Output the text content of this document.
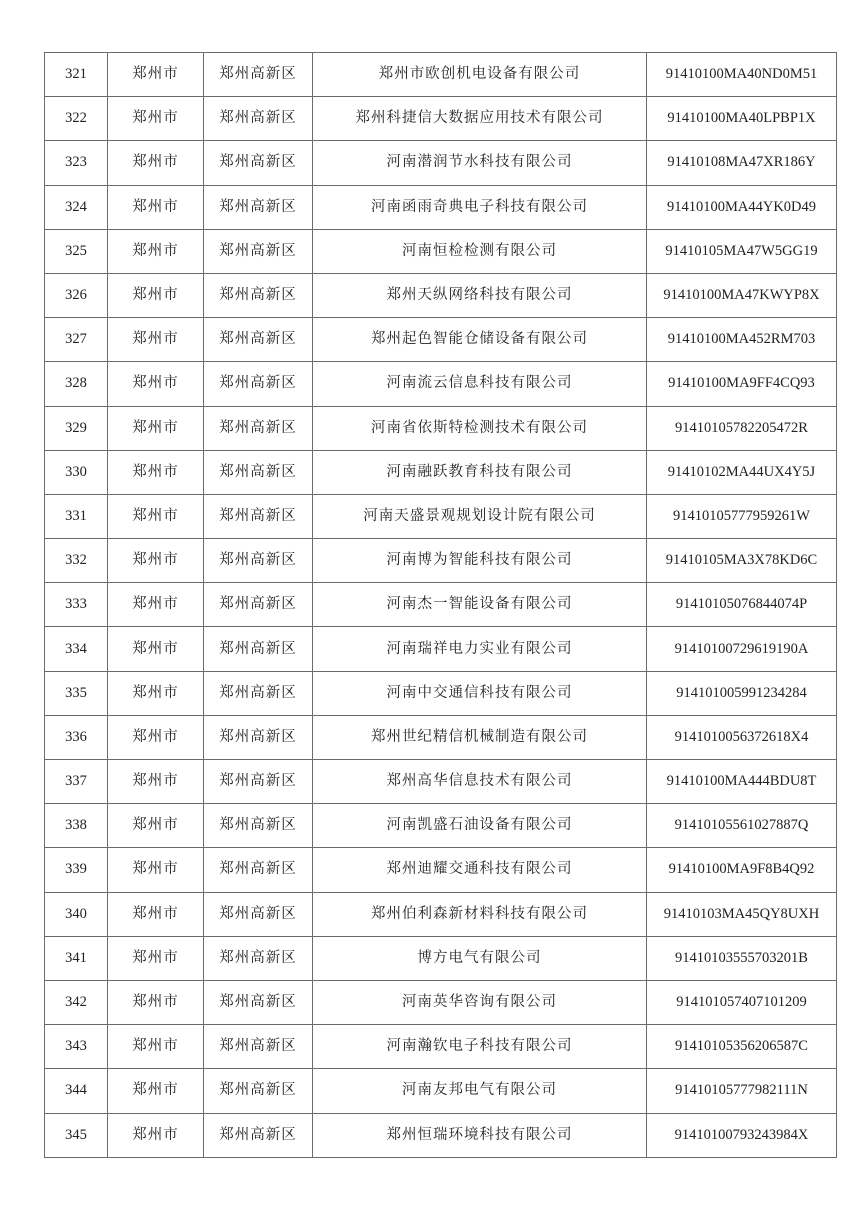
321	郑州市	郑州高新区	郑州市欧创机电设备有限公司	91410100MA40ND0M51
322	郑州市	郑州高新区	郑州科捷信大数据应用技术有限公司	91410100MA40LPBP1X
323	郑州市	郑州高新区	河南潜润节水科技有限公司	91410108MA47XR186Y
324	郑州市	郑州高新区	河南函雨奇典电子科技有限公司	91410100MA44YK0D49
325	郑州市	郑州高新区	河南恒检检测有限公司	91410105MA47W5GG19
326	郑州市	郑州高新区	郑州天纵网络科技有限公司	91410100MA47KWYP8X
327	郑州市	郑州高新区	郑州起色智能仓储设备有限公司	91410100MA452RM703
328	郑州市	郑州高新区	河南流云信息科技有限公司	91410100MA9FF4CQ93
329	郑州市	郑州高新区	河南省依斯特检测技术有限公司	91410105782205472R
330	郑州市	郑州高新区	河南融跃教育科技有限公司	91410102MA44UX4Y5J
331	郑州市	郑州高新区	河南天盛景观规划设计院有限公司	91410105777959261W
332	郑州市	郑州高新区	河南博为智能科技有限公司	91410105MA3X78KD6C
333	郑州市	郑州高新区	河南杰一智能设备有限公司	91410105076844074P
334	郑州市	郑州高新区	河南瑞祥电力实业有限公司	91410100729619190A
335	郑州市	郑州高新区	河南中交通信科技有限公司	914101005991234284
336	郑州市	郑州高新区	郑州世纪精信机械制造有限公司	9141010056372618X4
337	郑州市	郑州高新区	郑州高华信息技术有限公司	91410100MA444BDU8T
338	郑州市	郑州高新区	河南凯盛石油设备有限公司	91410105561027887Q
339	郑州市	郑州高新区	郑州迪耀交通科技有限公司	91410100MA9F8B4Q92
340	郑州市	郑州高新区	郑州伯利森新材料科技有限公司	91410103MA45QY8UXH
341	郑州市	郑州高新区	博方电气有限公司	91410103555703201B
342	郑州市	郑州高新区	河南英华咨询有限公司	914101057407101209
343	郑州市	郑州高新区	河南瀚钦电子科技有限公司	91410105356206587C
344	郑州市	郑州高新区	河南友邦电气有限公司	91410105777982111N
345	郑州市	郑州高新区	郑州恒瑞环境科技有限公司	91410100793243984X
